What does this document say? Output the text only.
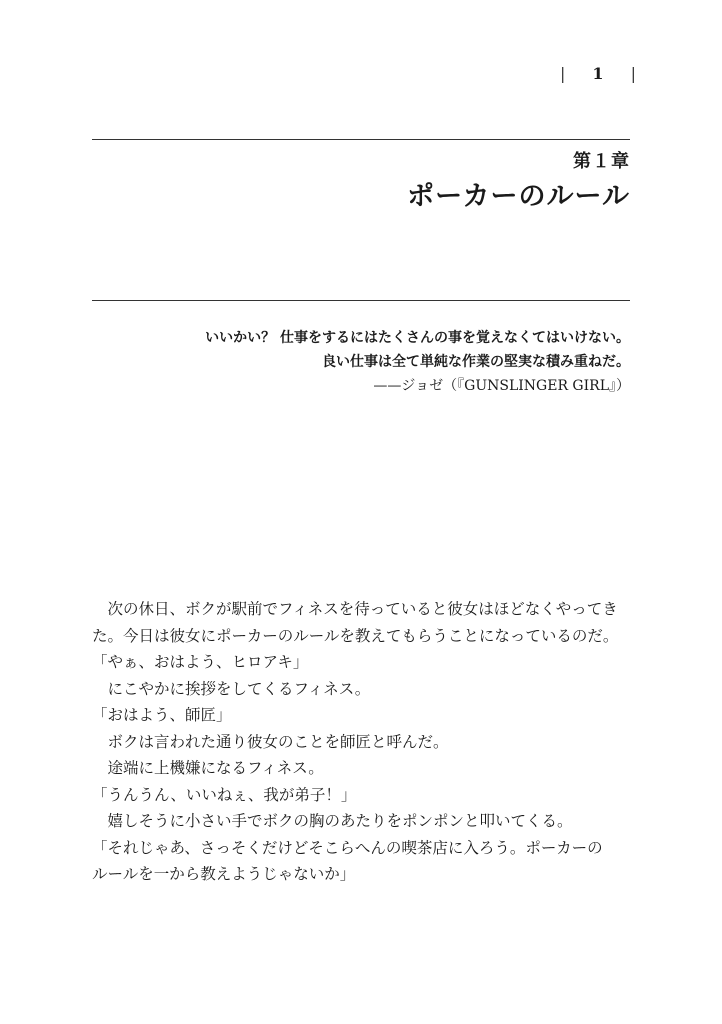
| 1 |
第１章
ポーカーのルール
いいかい？ 仕事をするにはたくさんの事を覚えなくてはいけない。
良い仕事は全て単純な作業の堅実な積み重ねだ。
——ジョゼ（『GUNSLINGER GIRL』）

　次の休日、ボクが駅前でフィネスを待っていると彼女はほどなくやってき

た。今日は彼女にポーカーのルールを教えてもらうことになっているのだ。

「やぁ、おはよう、ヒロアキ」

　にこやかに挨拶をしてくるフィネス。

「おはよう、師匠」

　ボクは言われた通り彼女のことを師匠と呼んだ。

　途端に上機嫌になるフィネス。

「うんうん、いいねぇ、我が弟子！」

　嬉しそうに小さい手でボクの胸のあたりをポンポンと叩いてくる。

「それじゃあ、さっそくだけどそこらへんの喫茶店に入ろう。ポーカーの

ルールを一から教えようじゃないか」
